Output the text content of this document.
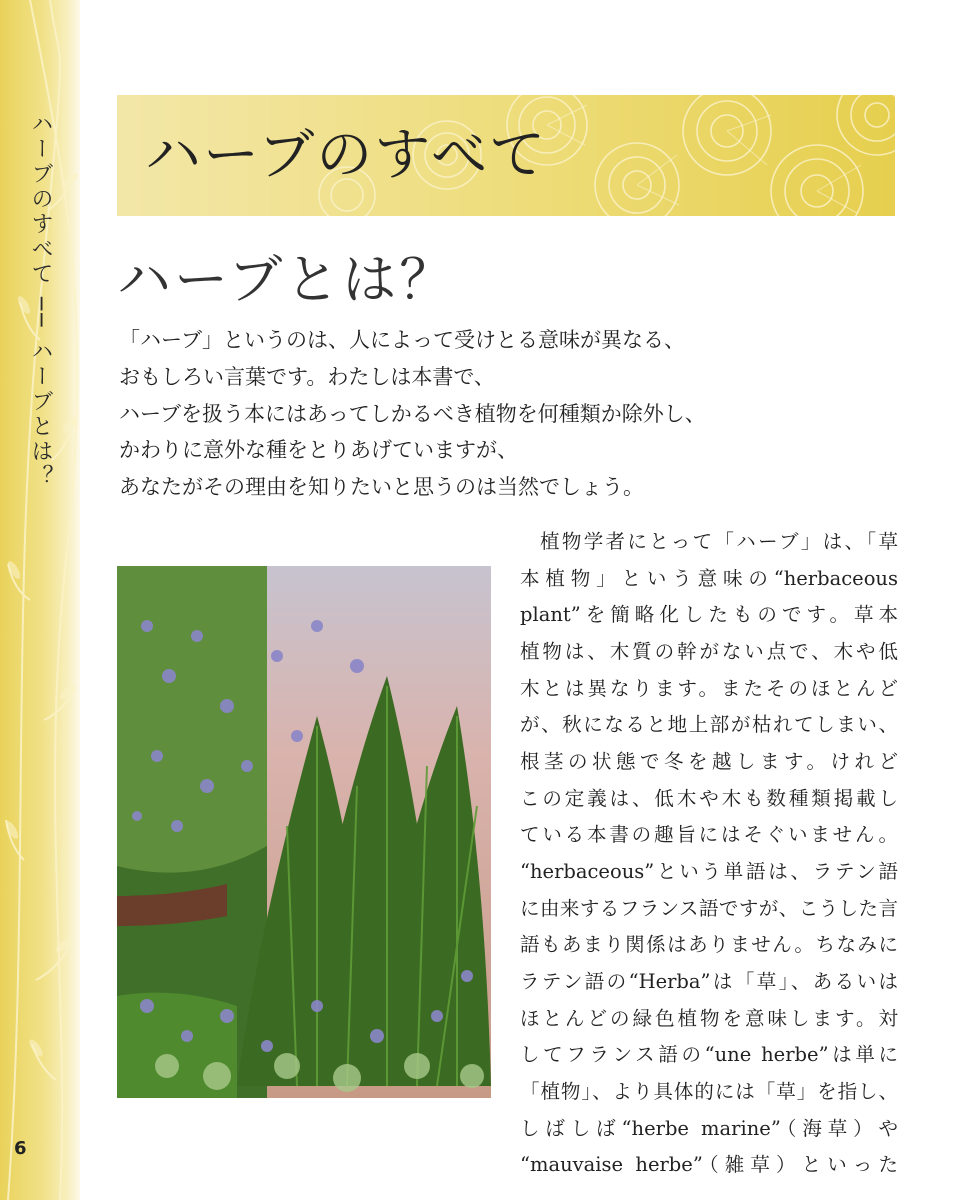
ハーブのすべて ── ハーブとは？
6
ハーブのすべて
ハーブとは？
「ハーブ」というのは、人によって受けとる意味が異なる、
おもしろい言葉です。わたしは本書で、
ハーブを扱う本にはあってしかるべき植物を何種類か除外し、
かわりに意外な種をとりあげていますが、
あなたがその理由を知りたいと思うのは当然でしょう。
植物学者にとって「ハーブ」は、「草
本植物」という意味の“herbaceous
plant”を簡略化したものです。草本
植物は、木質の幹がない点で、木や低
木とは異なります。またそのほとんど
が、秋になると地上部が枯れてしまい、
根茎の状態で冬を越します。けれど
この定義は、低木や木も数種類掲載し
ている本書の趣旨にはそぐいません。
“herbaceous”という単語は、ラテン語
に由来するフランス語ですが、こうした言
語もあまり関係はありません。ちなみに
ラテン語の“Herba”は「草」、あるいは
ほとんどの緑色植物を意味します。対
してフランス語の“une herbe”は単に
「植物」、より具体的には「草」を指し、
しばしば“herbe marine”（海草）や
“mauvaise herbe”（雑草）といった
